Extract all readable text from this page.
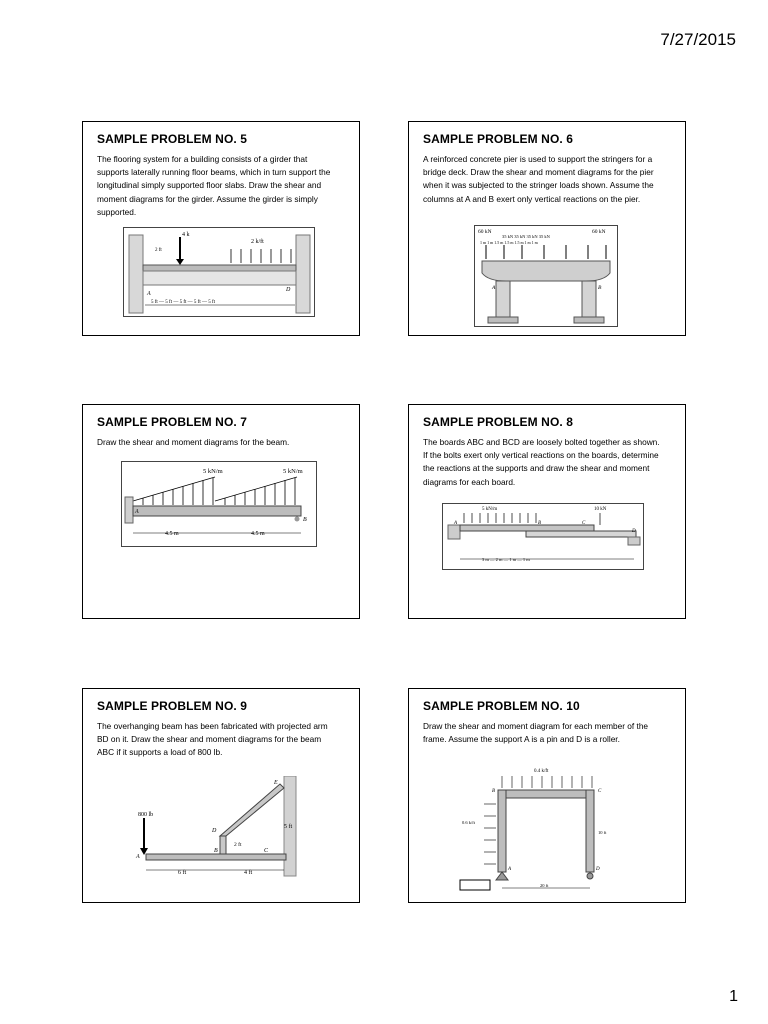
7/27/2015
SAMPLE PROBLEM NO. 5

The flooring system for a building consists of a girder that supports laterally running floor beams, which in turn support the longitudinal simply supported floor slabs. Draw the shear and moment diagrams for the girder. Assume the girder is simply supported.

4 k
2 k/ft
2 ft
A
D
5 ft — 5 ft — 5 ft — 5 ft — 5 ft
SAMPLE PROBLEM NO. 6

A reinforced concrete pier is used to support the stringers for a bridge deck. Draw the shear and moment diagrams for the pier when it was subjected to the stringer loads shown. Assume the columns at A and B exert only vertical reactions on the pier.

60 kN	60 kN
35 kN 35 kN 35 kN 35 kN
1 m 1 m 1.5 m 1.5 m 1.5 m 1 m 1 m
A	B
SAMPLE PROBLEM NO. 7

Draw the shear and moment diagrams for the beam.

5 kN/m	5 kN/m
A
B
4.5 m	4.5 m
SAMPLE PROBLEM NO. 8

The boards ABC and BCD are loosely bolted together as shown. If the bolts exert only vertical reactions on the boards, determine the reactions at the supports and draw the shear and moment diagrams for each board.

5 kN/m	10 kN
A	B	C
D
3 m — 2 m — 1 m — 1 m
SAMPLE PROBLEM NO. 9

The overhanging beam has been fabricated with projected arm BD on it. Draw the shear and moment diagrams for the beam ABC if it supports a load of 800 lb.

800 lb
A
B	C
D
E
5 ft
2 ft
6 ft	4 ft
SAMPLE PROBLEM NO. 10

Draw the shear and moment diagram for each member of the frame. Assume the support A is a pin and D is a roller.

0.4 k/ft
0.6 k/ft
B	C
A	D
10 ft
20 ft
1
